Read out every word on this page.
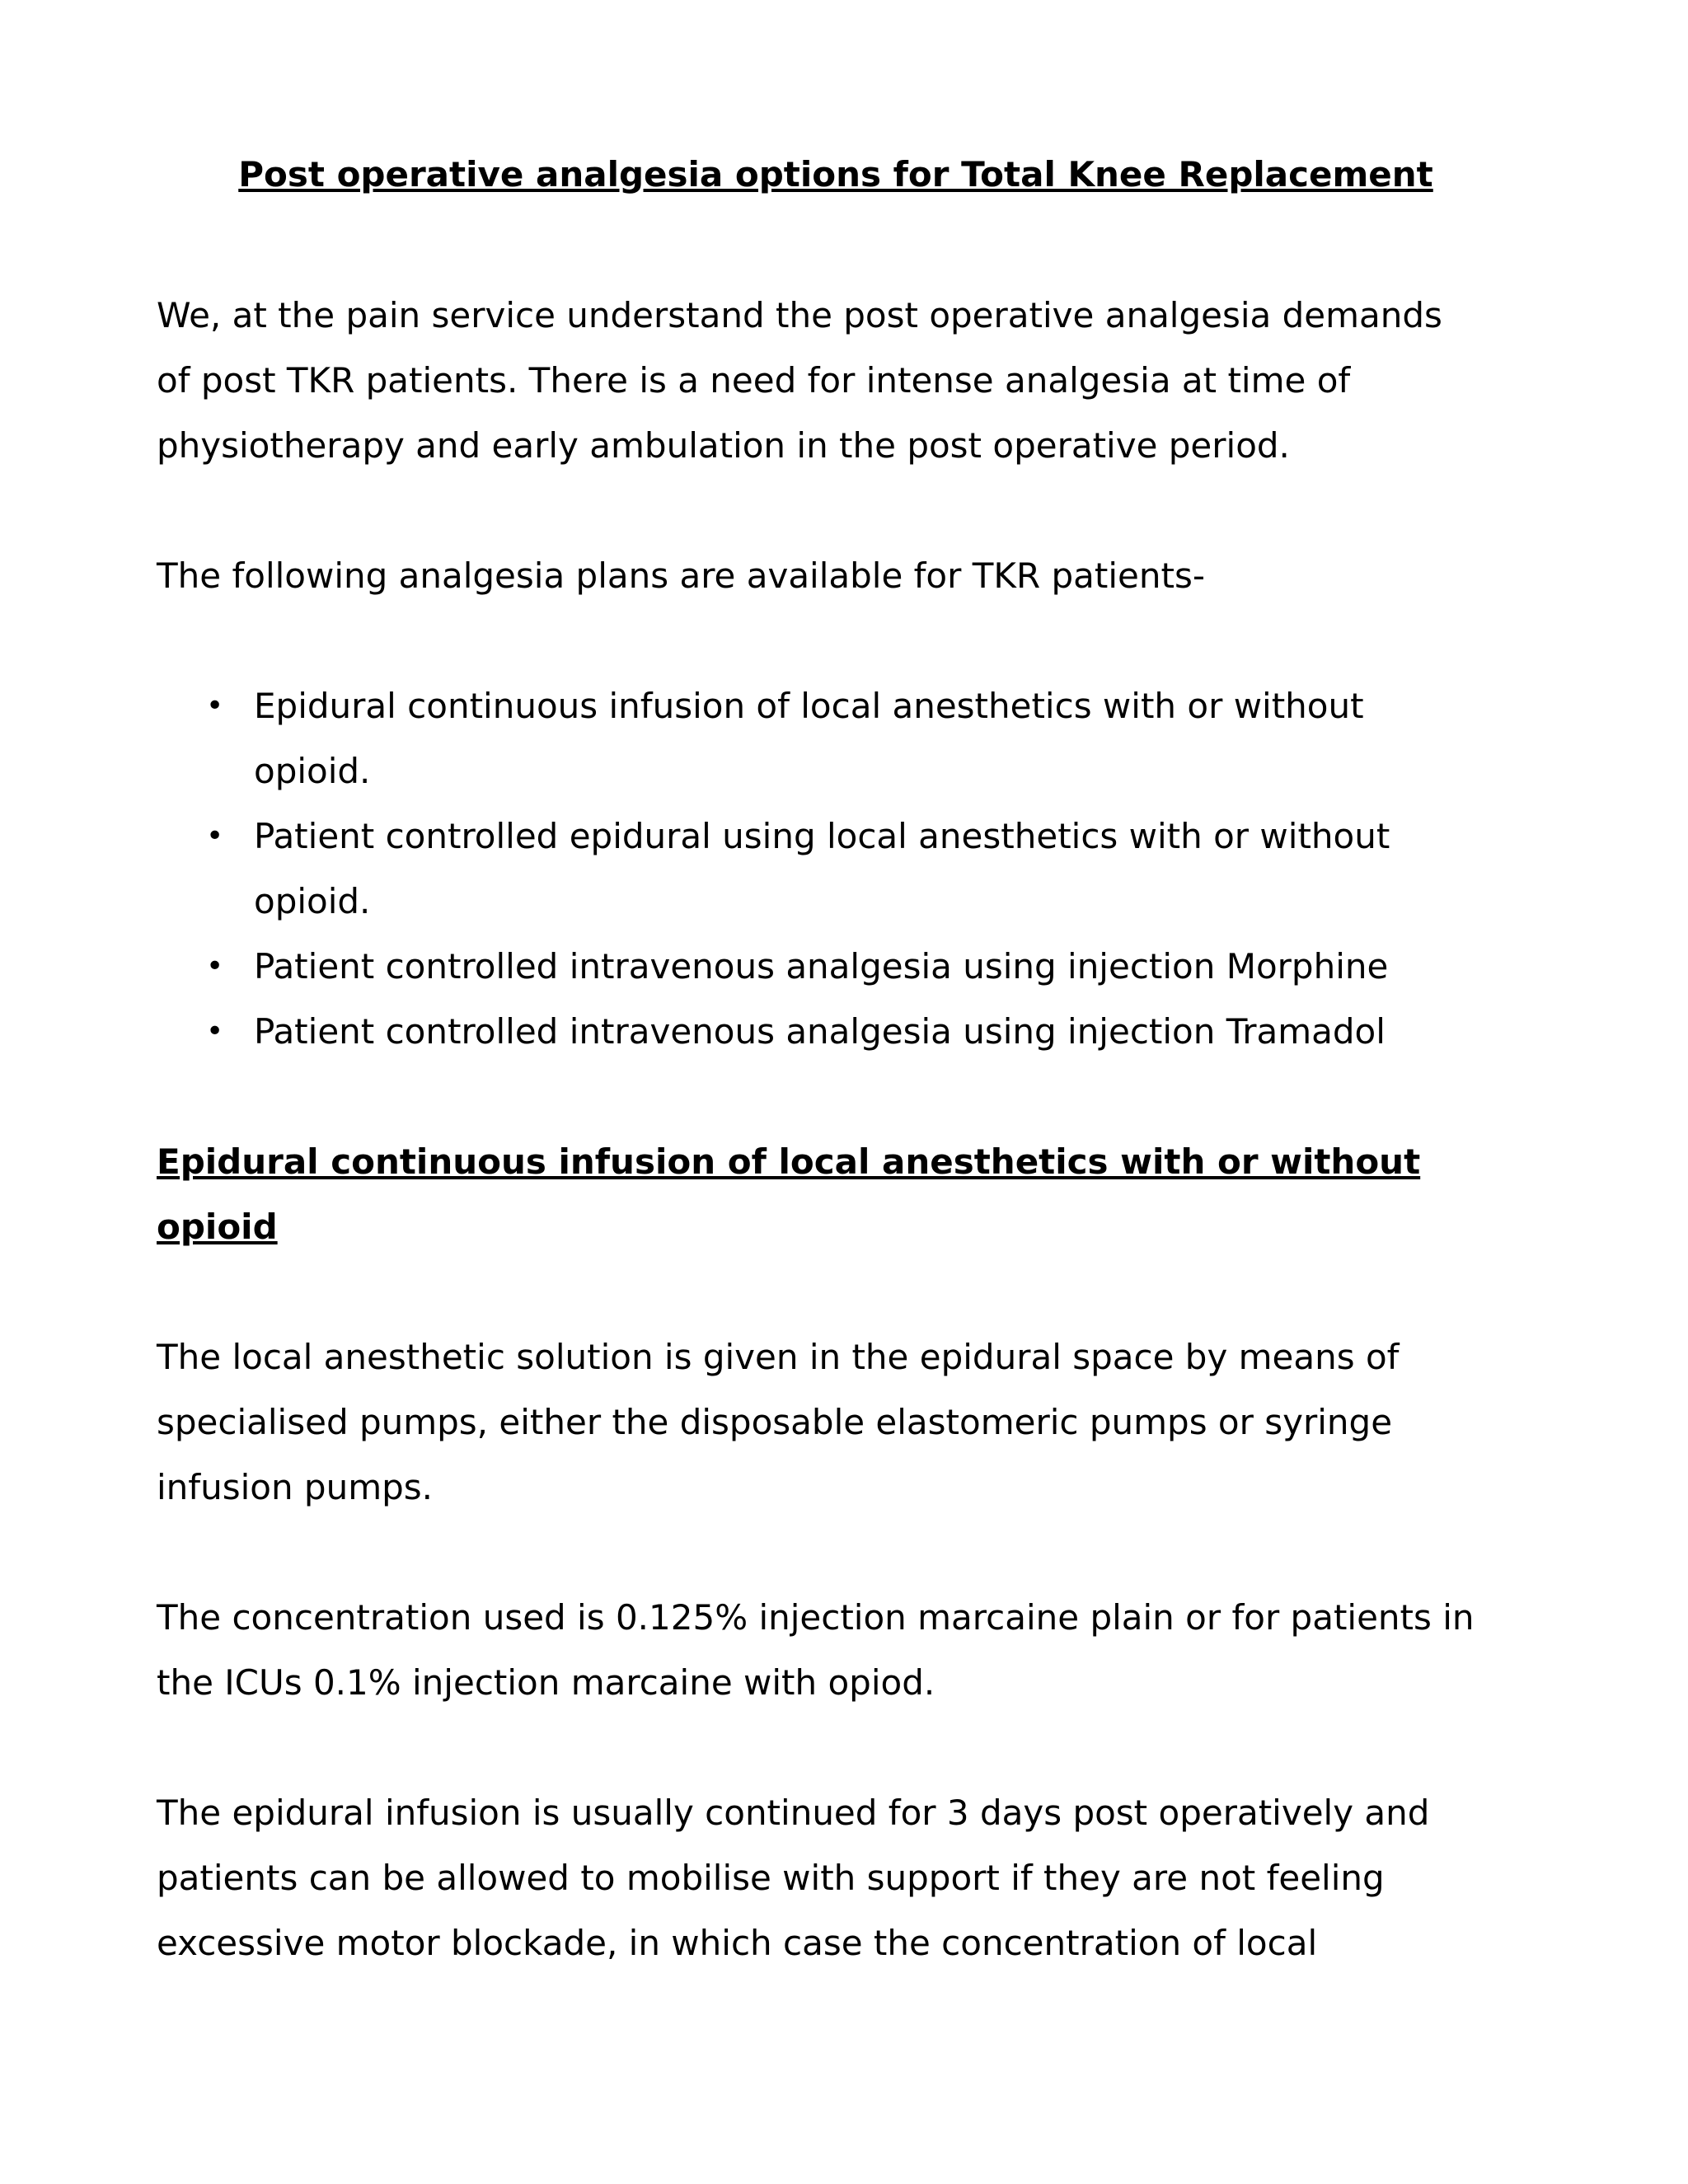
Post operative analgesia options for Total Knee Replacement

We, at the pain service understand the post operative analgesia demands
of post TKR patients. There is a need for intense analgesia at time of
physiotherapy and early ambulation in the post operative period.

The following analgesia plans are available for TKR patients-

• Epidural continuous infusion of local anesthetics with or without
opioid.
• Patient controlled epidural using local anesthetics with or without
opioid.
• Patient controlled intravenous analgesia using injection Morphine
• Patient controlled intravenous analgesia using injection Tramadol
Epidural continuous infusion of local anesthetics with or without
opioid

The local anesthetic solution is given in the epidural space by means of
specialised pumps, either the disposable elastomeric pumps or syringe
infusion pumps.

The concentration used is 0.125% injection marcaine plain or for patients in
the ICUs 0.1% injection marcaine with opiod.

The epidural infusion is usually continued for 3 days post operatively and
patients can be allowed to mobilise with support if they are not feeling
excessive motor blockade, in which case the concentration of local
